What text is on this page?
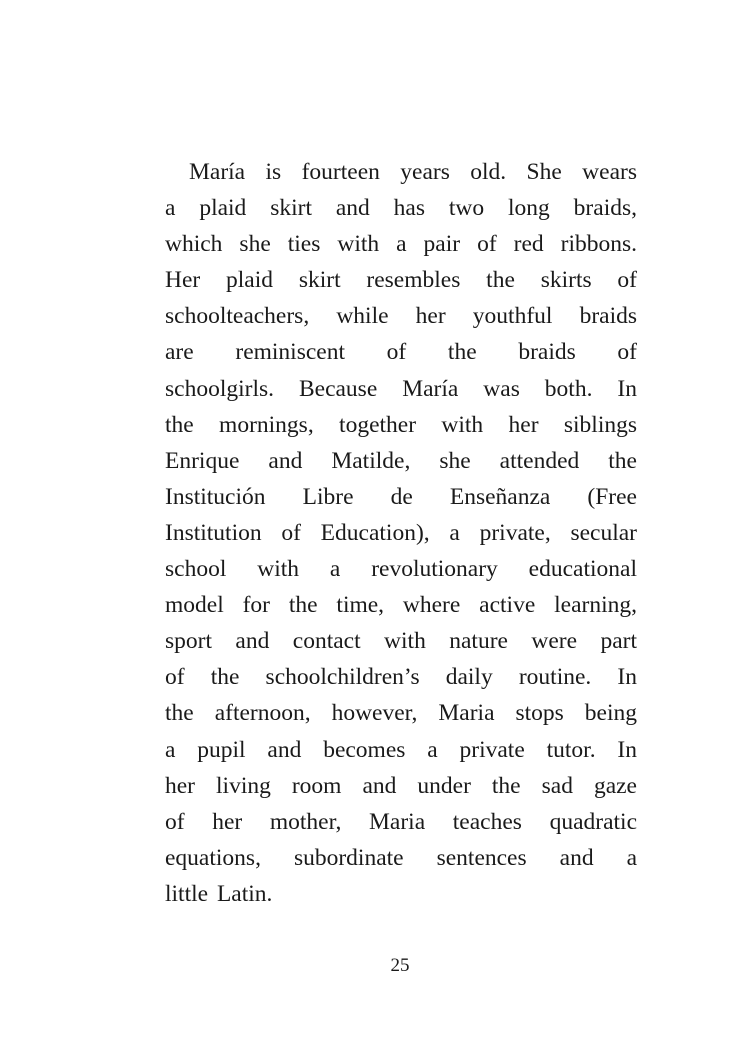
María is fourteen years old. She wears
a plaid skirt and has two long braids,
which she ties with a pair of red ribbons.
Her plaid skirt resembles the skirts of
schoolteachers, while her youthful braids
are reminiscent of the braids of
schoolgirls. Because María was both. In
the mornings, together with her siblings
Enrique and Matilde, she attended the
Institución Libre de Enseñanza (Free
Institution of Education), a private, secular
school with a revolutionary educational
model for the time, where active learning,
sport and contact with nature were part
of the schoolchildren’s daily routine. In
the afternoon, however, Maria stops being
a pupil and becomes a private tutor. In
her living room and under the sad gaze
of her mother, Maria teaches quadratic
equations, subordinate sentences and a
little Latin.

25
